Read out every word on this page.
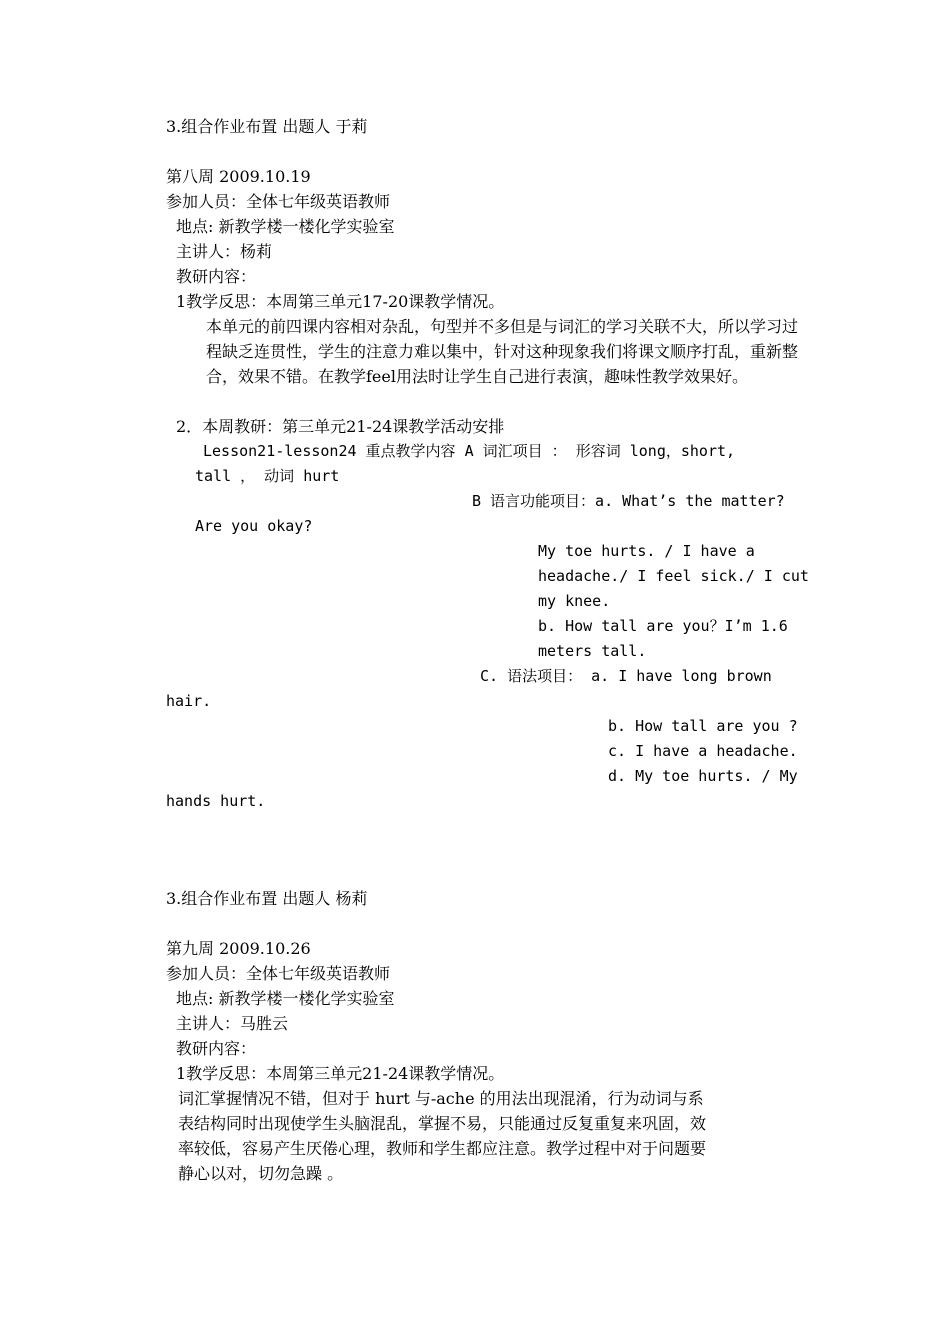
3.组合作业布置 出题人 于莉
第八周 2009.10.19
参加人员：全体七年级英语教师
地点: 新教学楼一楼化学实验室
主讲人：杨莉
教研内容：
1教学反思：本周第三单元17-20课教学情况。
本单元的前四课内容相对杂乱，句型并不多但是与词汇的学习关联不大，所以学习过
程缺乏连贯性，学生的注意力难以集中，针对这种现象我们将课文顺序打乱，重新整
合，效果不错。在教学feel用法时让学生自己进行表演，趣味性教学效果好。
2．本周教研：第三单元21-24课教学活动安排
Lesson21-lesson24 重点教学内容 A 词汇项目 ： 形容词 long，short,
tall ， 动词 hurt
B 语言功能项目：a. What’s the matter?
Are you okay?
My toe hurts. / I have a
headache./ I feel sick./ I cut
my knee.
b. How tall are you？I’m 1.6
meters tall.
C. 语法项目： a. I have long brown
hair.
b. How tall are you ?
c. I have a headache.
d. My toe hurts. / My
hands hurt.
3.组合作业布置 出题人 杨莉
第九周 2009.10.26
参加人员：全体七年级英语教师
地点: 新教学楼一楼化学实验室
主讲人：马胜云
教研内容：
1教学反思：本周第三单元21-24课教学情况。
词汇掌握情况不错，但对于 hurt 与-ache 的用法出现混淆，行为动词与系
表结构同时出现使学生头脑混乱，掌握不易，只能通过反复重复来巩固，效
率较低，容易产生厌倦心理，教师和学生都应注意。教学过程中对于问题要
静心以对，切勿急躁 。
